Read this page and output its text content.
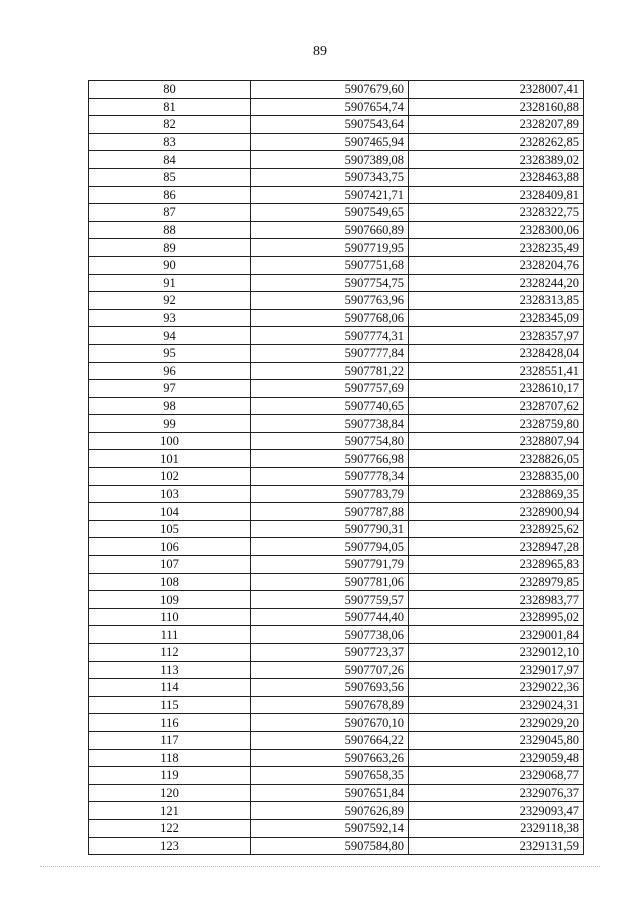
89
80	5907679,60	2328007,41
81	5907654,74	2328160,88
82	5907543,64	2328207,89
83	5907465,94	2328262,85
84	5907389,08	2328389,02
85	5907343,75	2328463,88
86	5907421,71	2328409,81
87	5907549,65	2328322,75
88	5907660,89	2328300,06
89	5907719,95	2328235,49
90	5907751,68	2328204,76
91	5907754,75	2328244,20
92	5907763,96	2328313,85
93	5907768,06	2328345,09
94	5907774,31	2328357,97
95	5907777,84	2328428,04
96	5907781,22	2328551,41
97	5907757,69	2328610,17
98	5907740,65	2328707,62
99	5907738,84	2328759,80
100	5907754,80	2328807,94
101	5907766,98	2328826,05
102	5907778,34	2328835,00
103	5907783,79	2328869,35
104	5907787,88	2328900,94
105	5907790,31	2328925,62
106	5907794,05	2328947,28
107	5907791,79	2328965,83
108	5907781,06	2328979,85
109	5907759,57	2328983,77
110	5907744,40	2328995,02
111	5907738,06	2329001,84
112	5907723,37	2329012,10
113	5907707,26	2329017,97
114	5907693,56	2329022,36
115	5907678,89	2329024,31
116	5907670,10	2329029,20
117	5907664,22	2329045,80
118	5907663,26	2329059,48
119	5907658,35	2329068,77
120	5907651,84	2329076,37
121	5907626,89	2329093,47
122	5907592,14	2329118,38
123	5907584,80	2329131,59
